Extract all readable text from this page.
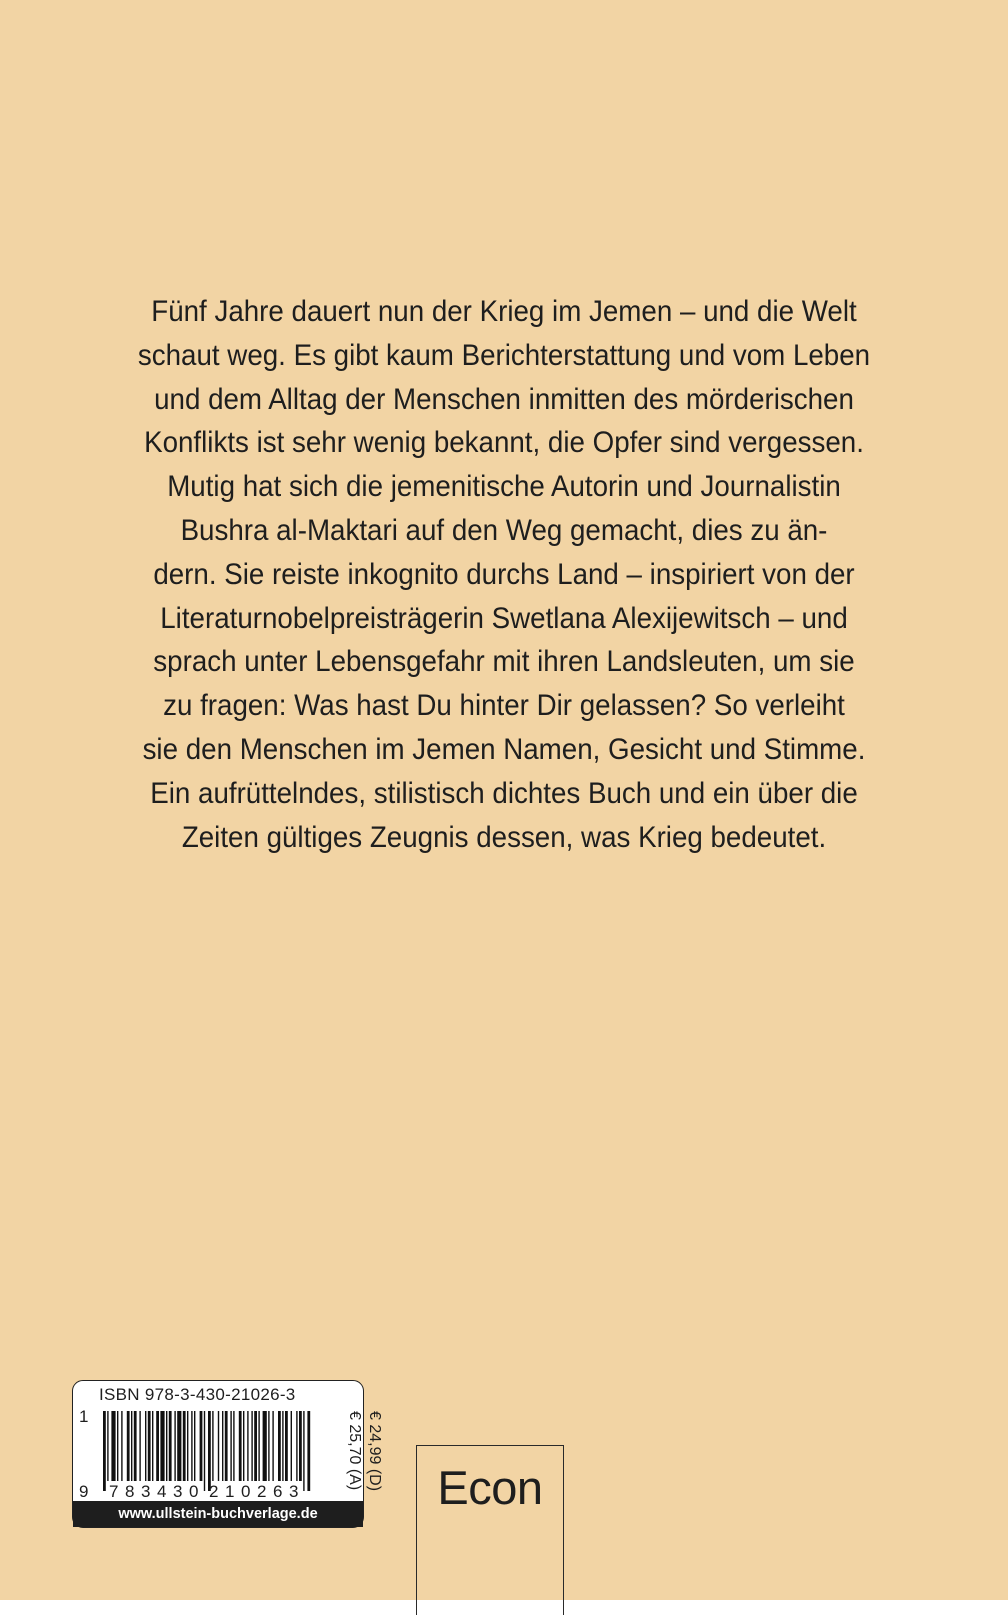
Fünf Jahre dauert nun der Krieg im Jemen – und die Welt
schaut weg. Es gibt kaum Berichterstattung und vom Leben
und dem Alltag der Menschen inmitten des mörderischen
Konflikts ist sehr wenig bekannt, die Opfer sind vergessen.
Mutig hat sich die jemenitische Autorin und Journalistin
Bushra al-Maktari auf den Weg gemacht, dies zu än-
dern. Sie reiste inkognito durchs Land – inspiriert von der
Literaturnobelpreisträgerin Swetlana Alexijewitsch – und
sprach unter Lebensgefahr mit ihren Landsleuten, um sie
zu fragen: Was hast Du hinter Dir gelassen? So verleiht
sie den Menschen im Jemen Namen, Gesicht und Stimme.
Ein aufrüttelndes, stilistisch dichtes Buch und ein über die
Zeiten gültiges Zeugnis dessen, was Krieg bedeutet.
ISBN 978-3-430-21026-3
1
9 7 8 3 4 3 0 2 1 0 2 6 3
€ 24,99 (D)
€ 25,70 (A)
www.ullstein-buchverlage.de	Econ
